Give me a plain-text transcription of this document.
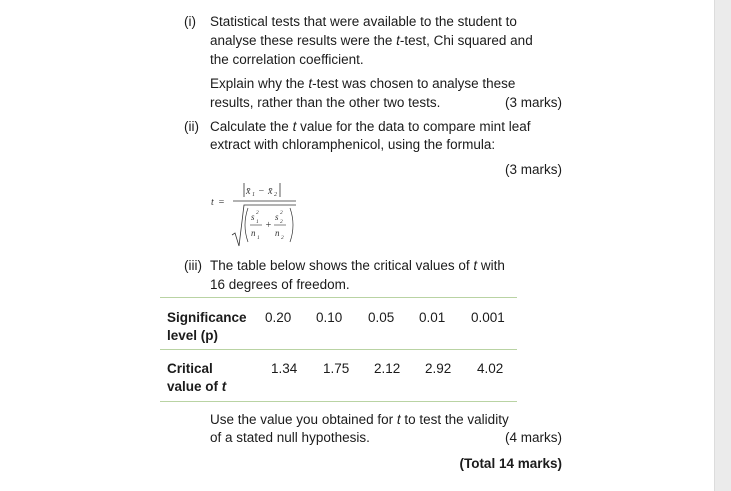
(i) Statistical tests that were available to the student to
analyse these results were the t-test, Chi squared and
the correlation coefficient.
Explain why the t-test was chosen to analyse these
results, rather than the other two tests.	(3 marks)
(ii) Calculate the t value for the data to compare mint leaf
extract with chloramphenicol, using the formula:
(3 marks)
t =
x̄ 1 − x̄ 2
s 2
1
n 1
+
s 2
2
n 2
(iii) The table below shows the critical values of t with
16 degrees of freedom.
Significance
level (p)
0.20 0.10 0.05 0.01 0.001
Critical
value of t
1.34 1.75 2.12 2.92 4.02
Use the value you obtained for t to test the validity
of a stated null hypothesis.	(4 marks)
(Total 14 marks)
